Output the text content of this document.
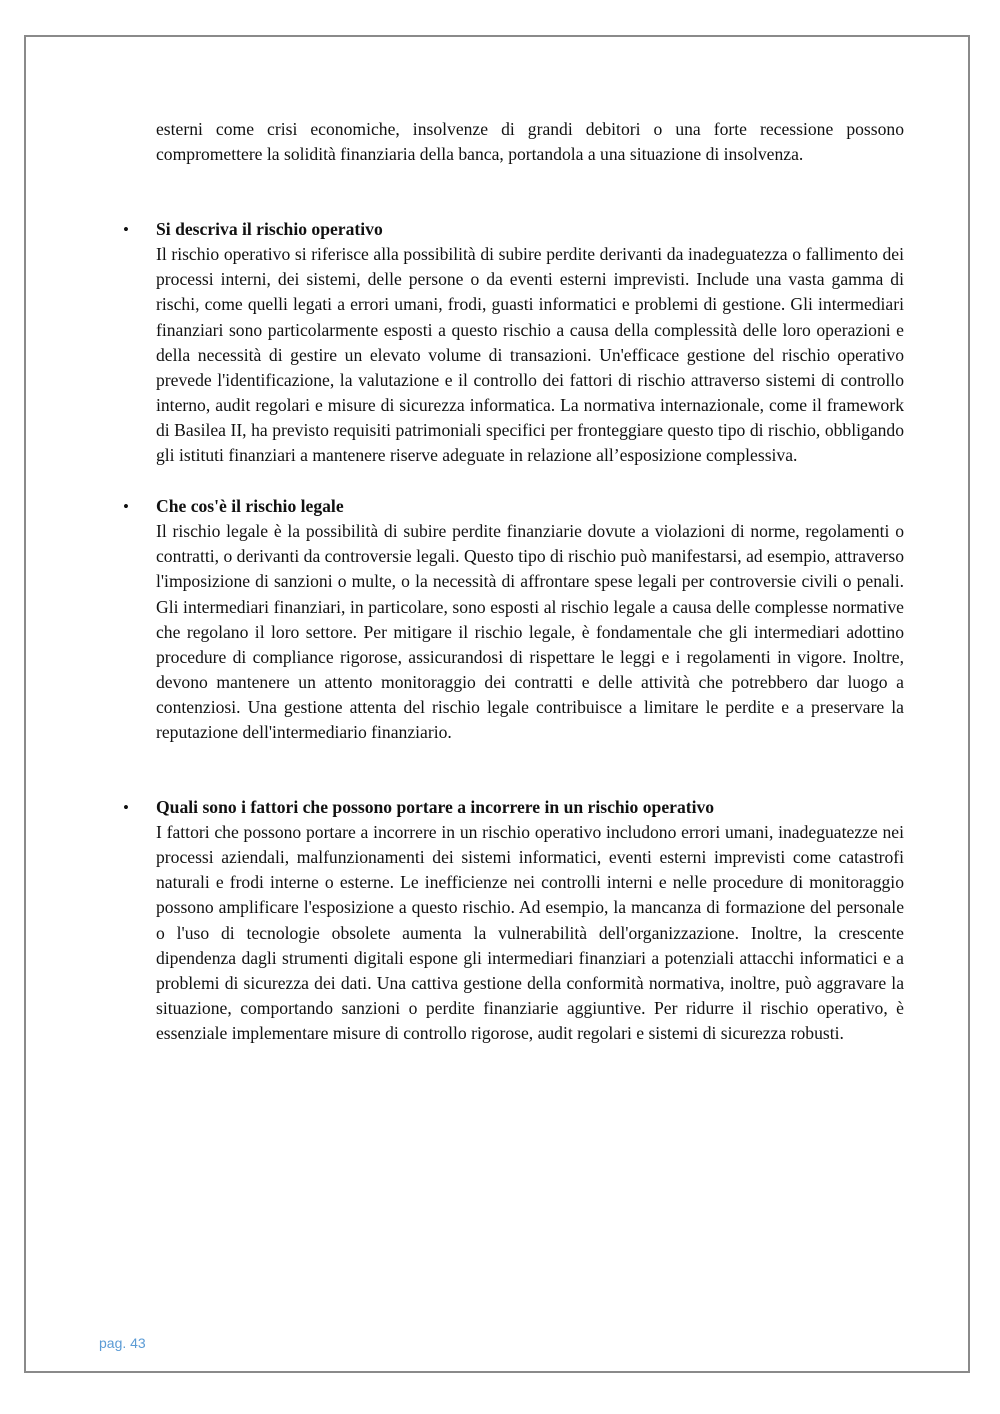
esterni come crisi economiche, insolvenze di grandi debitori o una forte recessione possono compromettere la solidità finanziaria della banca, portandola a una situazione di insolvenza.

• Si descriva il rischio operativo

Il rischio operativo si riferisce alla possibilità di subire perdite derivanti da inadeguatezza o fallimento dei processi interni, dei sistemi, delle persone o da eventi esterni imprevisti. Include una vasta gamma di rischi, come quelli legati a errori umani, frodi, guasti informatici e problemi di gestione. Gli intermediari finanziari sono particolarmente esposti a questo rischio a causa della complessità delle loro operazioni e della necessità di gestire un elevato volume di transazioni. Un'efficace gestione del rischio operativo prevede l'identificazione, la valutazione e il controllo dei fattori di rischio attraverso sistemi di controllo interno, audit regolari e misure di sicurezza informatica. La normativa internazionale, come il framework di Basilea II, ha previsto requisiti patrimoniali specifici per fronteggiare questo tipo di rischio, obbligando gli istituti finanziari a mantenere riserve adeguate in relazione all’esposizione complessiva.

• Che cos'è il rischio legale

Il rischio legale è la possibilità di subire perdite finanziarie dovute a violazioni di norme, regolamenti o contratti, o derivanti da controversie legali. Questo tipo di rischio può manifestarsi, ad esempio, attraverso l'imposizione di sanzioni o multe, o la necessità di affrontare spese legali per controversie civili o penali. Gli intermediari finanziari, in particolare, sono esposti al rischio legale a causa delle complesse normative che regolano il loro settore. Per mitigare il rischio legale, è fondamentale che gli intermediari adottino procedure di compliance rigorose, assicurandosi di rispettare le leggi e i regolamenti in vigore. Inoltre, devono mantenere un attento monitoraggio dei contratti e delle attività che potrebbero dar luogo a contenziosi. Una gestione attenta del rischio legale contribuisce a limitare le perdite e a preservare la reputazione dell'intermediario finanziario.

• Quali sono i fattori che possono portare a incorrere in un rischio operativo

I fattori che possono portare a incorrere in un rischio operativo includono errori umani, inadeguatezze nei processi aziendali, malfunzionamenti dei sistemi informatici, eventi esterni imprevisti come catastrofi naturali e frodi interne o esterne. Le inefficienze nei controlli interni e nelle procedure di monitoraggio possono amplificare l'esposizione a questo rischio. Ad esempio, la mancanza di formazione del personale o l'uso di tecnologie obsolete aumenta la vulnerabilità dell'organizzazione. Inoltre, la crescente dipendenza dagli strumenti digitali espone gli intermediari finanziari a potenziali attacchi informatici e a problemi di sicurezza dei dati. Una cattiva gestione della conformità normativa, inoltre, può aggravare la situazione, comportando sanzioni o perdite finanziarie aggiuntive. Per ridurre il rischio operativo, è essenziale implementare misure di controllo rigorose, audit regolari e sistemi di sicurezza robusti.

pag. 43
